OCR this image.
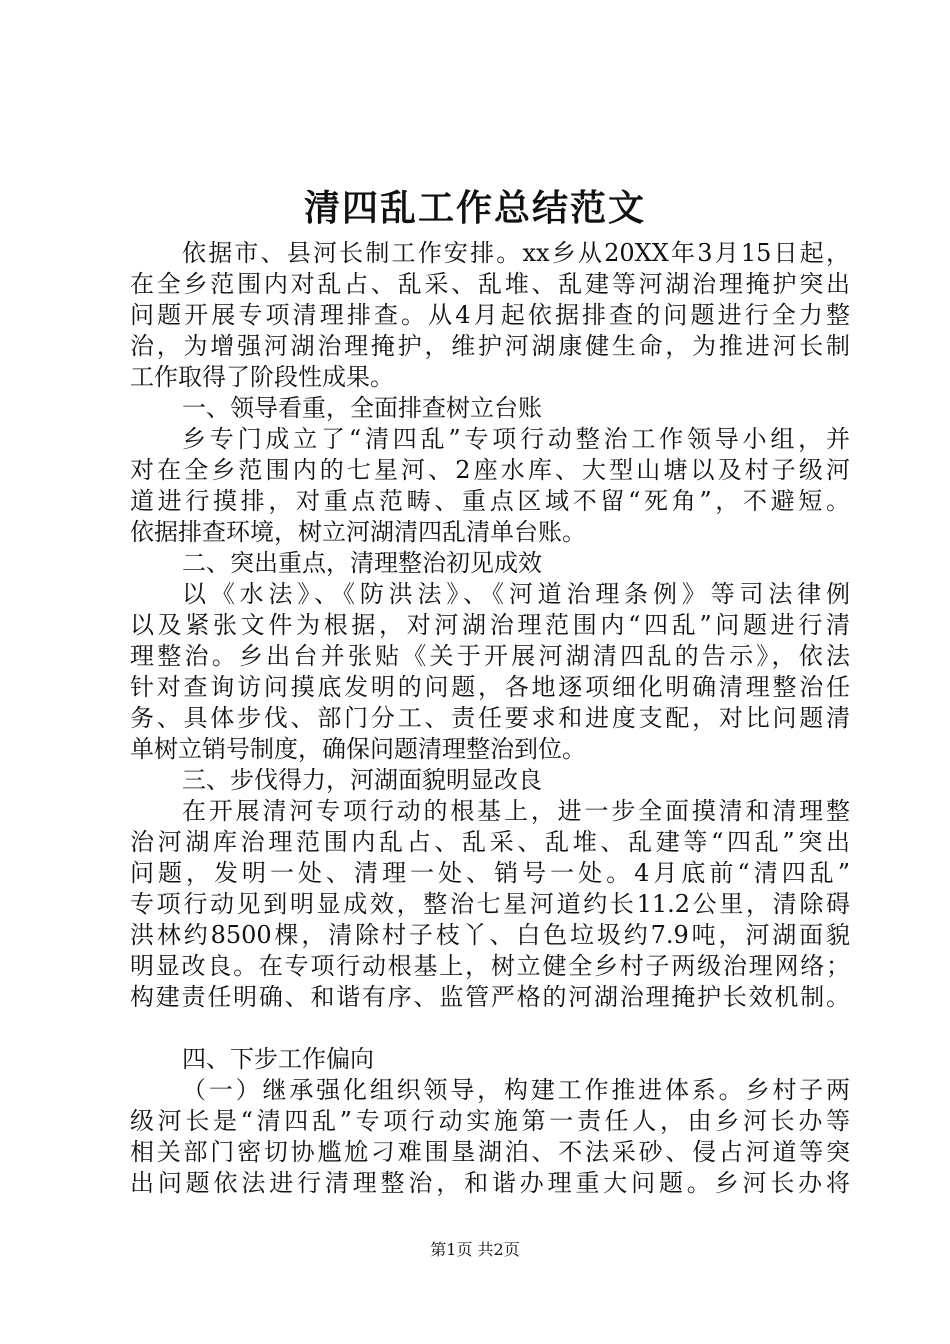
清四乱工作总结范文
依据市、县河长制工作安排。xx乡从20XX年3月15日起，
在全乡范围内对乱占、乱采、乱堆、乱建等河湖治理掩护突出
问题开展专项清理排查。从4月起依据排查的问题进行全力整
治，为增强河湖治理掩护，维护河湖康健生命，为推进河长制
工作取得了阶段性成果。
一、领导看重，全面排查树立台账
乡专门成立了“清四乱”专项行动整治工作领导小组，并
对在全乡范围内的七星河、2座水库、大型山塘以及村子级河
道进行摸排，对重点范畴、重点区域不留“死角”，不避短。
依据排查环境，树立河湖清四乱清单台账。
二、突出重点，清理整治初见成效
以《水法》、《防洪法》、《河道治理条例》等司法律例
以及紧张文件为根据，对河湖治理范围内“四乱”问题进行清
理整治。乡出台并张贴《关于开展河湖清四乱的告示》，依法
针对查询访问摸底发明的问题，各地逐项细化明确清理整治任
务、具体步伐、部门分工、责任要求和进度支配，对比问题清
单树立销号制度，确保问题清理整治到位。
三、步伐得力，河湖面貌明显改良
在开展清河专项行动的根基上，进一步全面摸清和清理整
治河湖库治理范围内乱占、乱采、乱堆、乱建等“四乱”突出
问题，发明一处、清理一处、销号一处。4月底前“清四乱”
专项行动见到明显成效，整治七星河道约长11.2公里，清除碍
洪林约8500棵，清除村子枝丫、白色垃圾约7.9吨，河湖面貌
明显改良。在专项行动根基上，树立健全乡村子两级治理网络；
构建责任明确、和谐有序、监管严格的河湖治理掩护长效机制。
四、下步工作偏向
（一）继承强化组织领导，构建工作推进体系。乡村子两
级河长是“清四乱”专项行动实施第一责任人，由乡河长办等
相关部门密切协尴尬刁难围垦湖泊、不法采砂、侵占河道等突
出问题依法进行清理整治，和谐办理重大问题。乡河长办将
第1页 共2页
